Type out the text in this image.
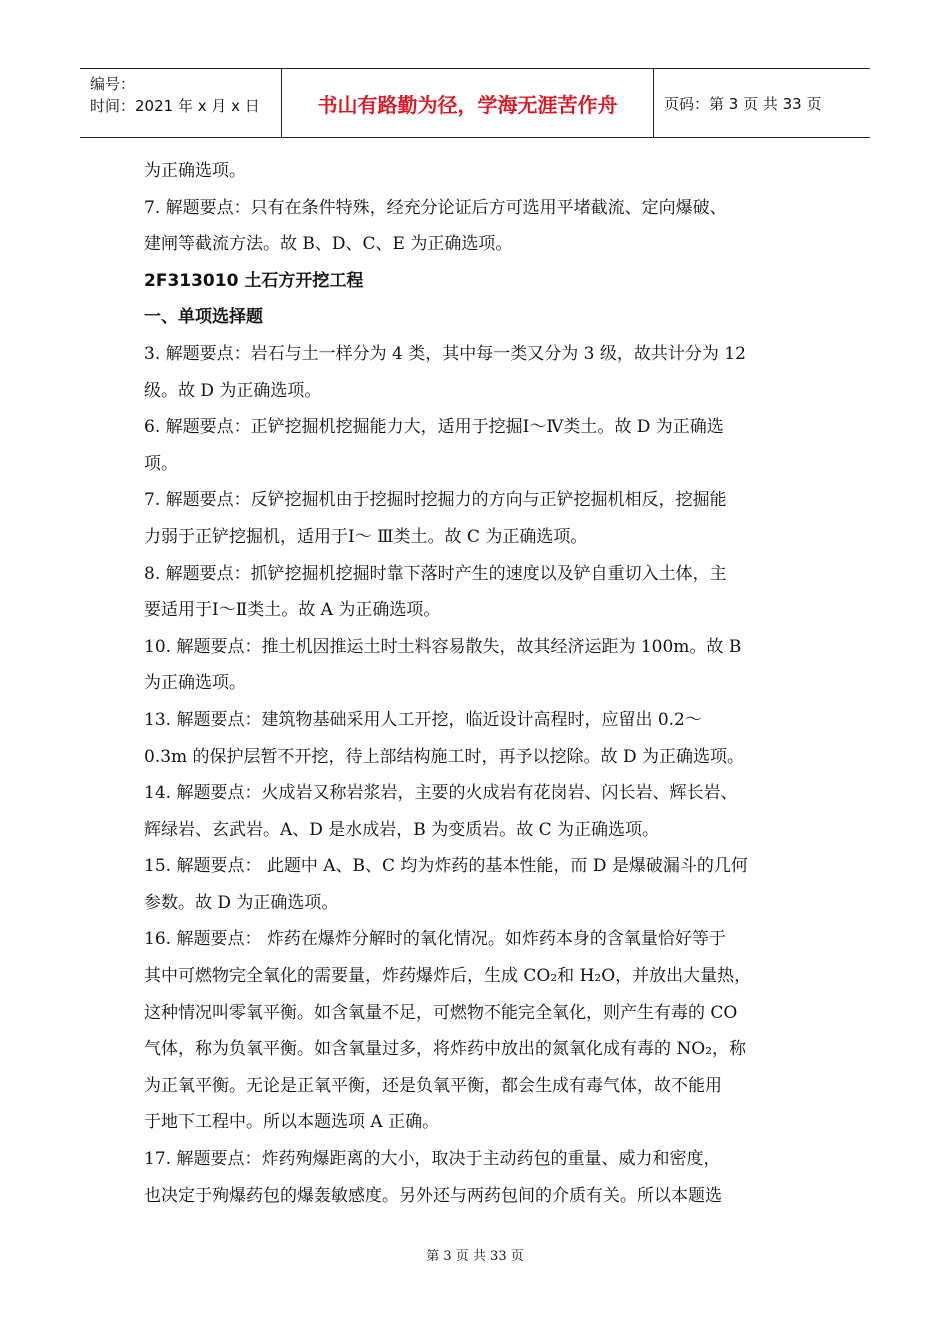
编号：
时间：2021 年 x 月 x 日	书山有路勤为径，学海无涯苦作舟	页码：第 3 页 共 33 页
为正确选项。
7. 解题要点：只有在条件特殊，经充分论证后方可选用平堵截流、定向爆破、
建闸等截流方法。故 B、D、C、E 为正确选项。
2F313010 土石方开挖工程
一、单项选择题
3. 解题要点：岩石与土一样分为 4 类，其中每一类又分为 3 级，故共计分为 12
级。故 D 为正确选项。
6. 解题要点：正铲挖掘机挖掘能力大，适用于挖掘Ⅰ～Ⅳ类土。故 D 为正确选
项。
7. 解题要点：反铲挖掘机由于挖掘时挖掘力的方向与正铲挖掘机相反，挖掘能
力弱于正铲挖掘机，适用于Ⅰ～ Ⅲ类土。故 C 为正确选项。
8. 解题要点：抓铲挖掘机挖掘时靠下落时产生的速度以及铲自重切入土体，主
要适用于Ⅰ～Ⅱ类土。故 A 为正确选项。
10. 解题要点：推土机因推运土时土料容易散失，故其经济运距为 100m。故 B
为正确选项。
13. 解题要点：建筑物基础采用人工开挖，临近设计高程时，应留出 0.2～
0.3m 的保护层暂不开挖，待上部结构施工时，再予以挖除。故 D 为正确选项。
14. 解题要点：火成岩又称岩浆岩，主要的火成岩有花岗岩、闪长岩、辉长岩、
辉绿岩、玄武岩。A、D 是水成岩，B 为变质岩。故 C 为正确选项。
15. 解题要点： 此题中 A、B、C 均为炸药的基本性能，而 D 是爆破漏斗的几何
参数。故 D 为正确选项。
16. 解题要点： 炸药在爆炸分解时的氧化情况。如炸药本身的含氧量恰好等于
其中可燃物完全氧化的需要量，炸药爆炸后，生成 CO₂和 H₂O，并放出大量热，
这种情况叫零氧平衡。如含氧量不足，可燃物不能完全氧化，则产生有毒的 CO
气体，称为负氧平衡。如含氧量过多，将炸药中放出的氮氧化成有毒的 NO₂，称
为正氧平衡。无论是正氧平衡，还是负氧平衡，都会生成有毒气体，故不能用
于地下工程中。所以本题选项 A 正确。
17. 解题要点：炸药殉爆距离的大小，取决于主动药包的重量、威力和密度，
也决定于殉爆药包的爆轰敏感度。另外还与两药包间的介质有关。所以本题选
第 3 页 共 33 页
